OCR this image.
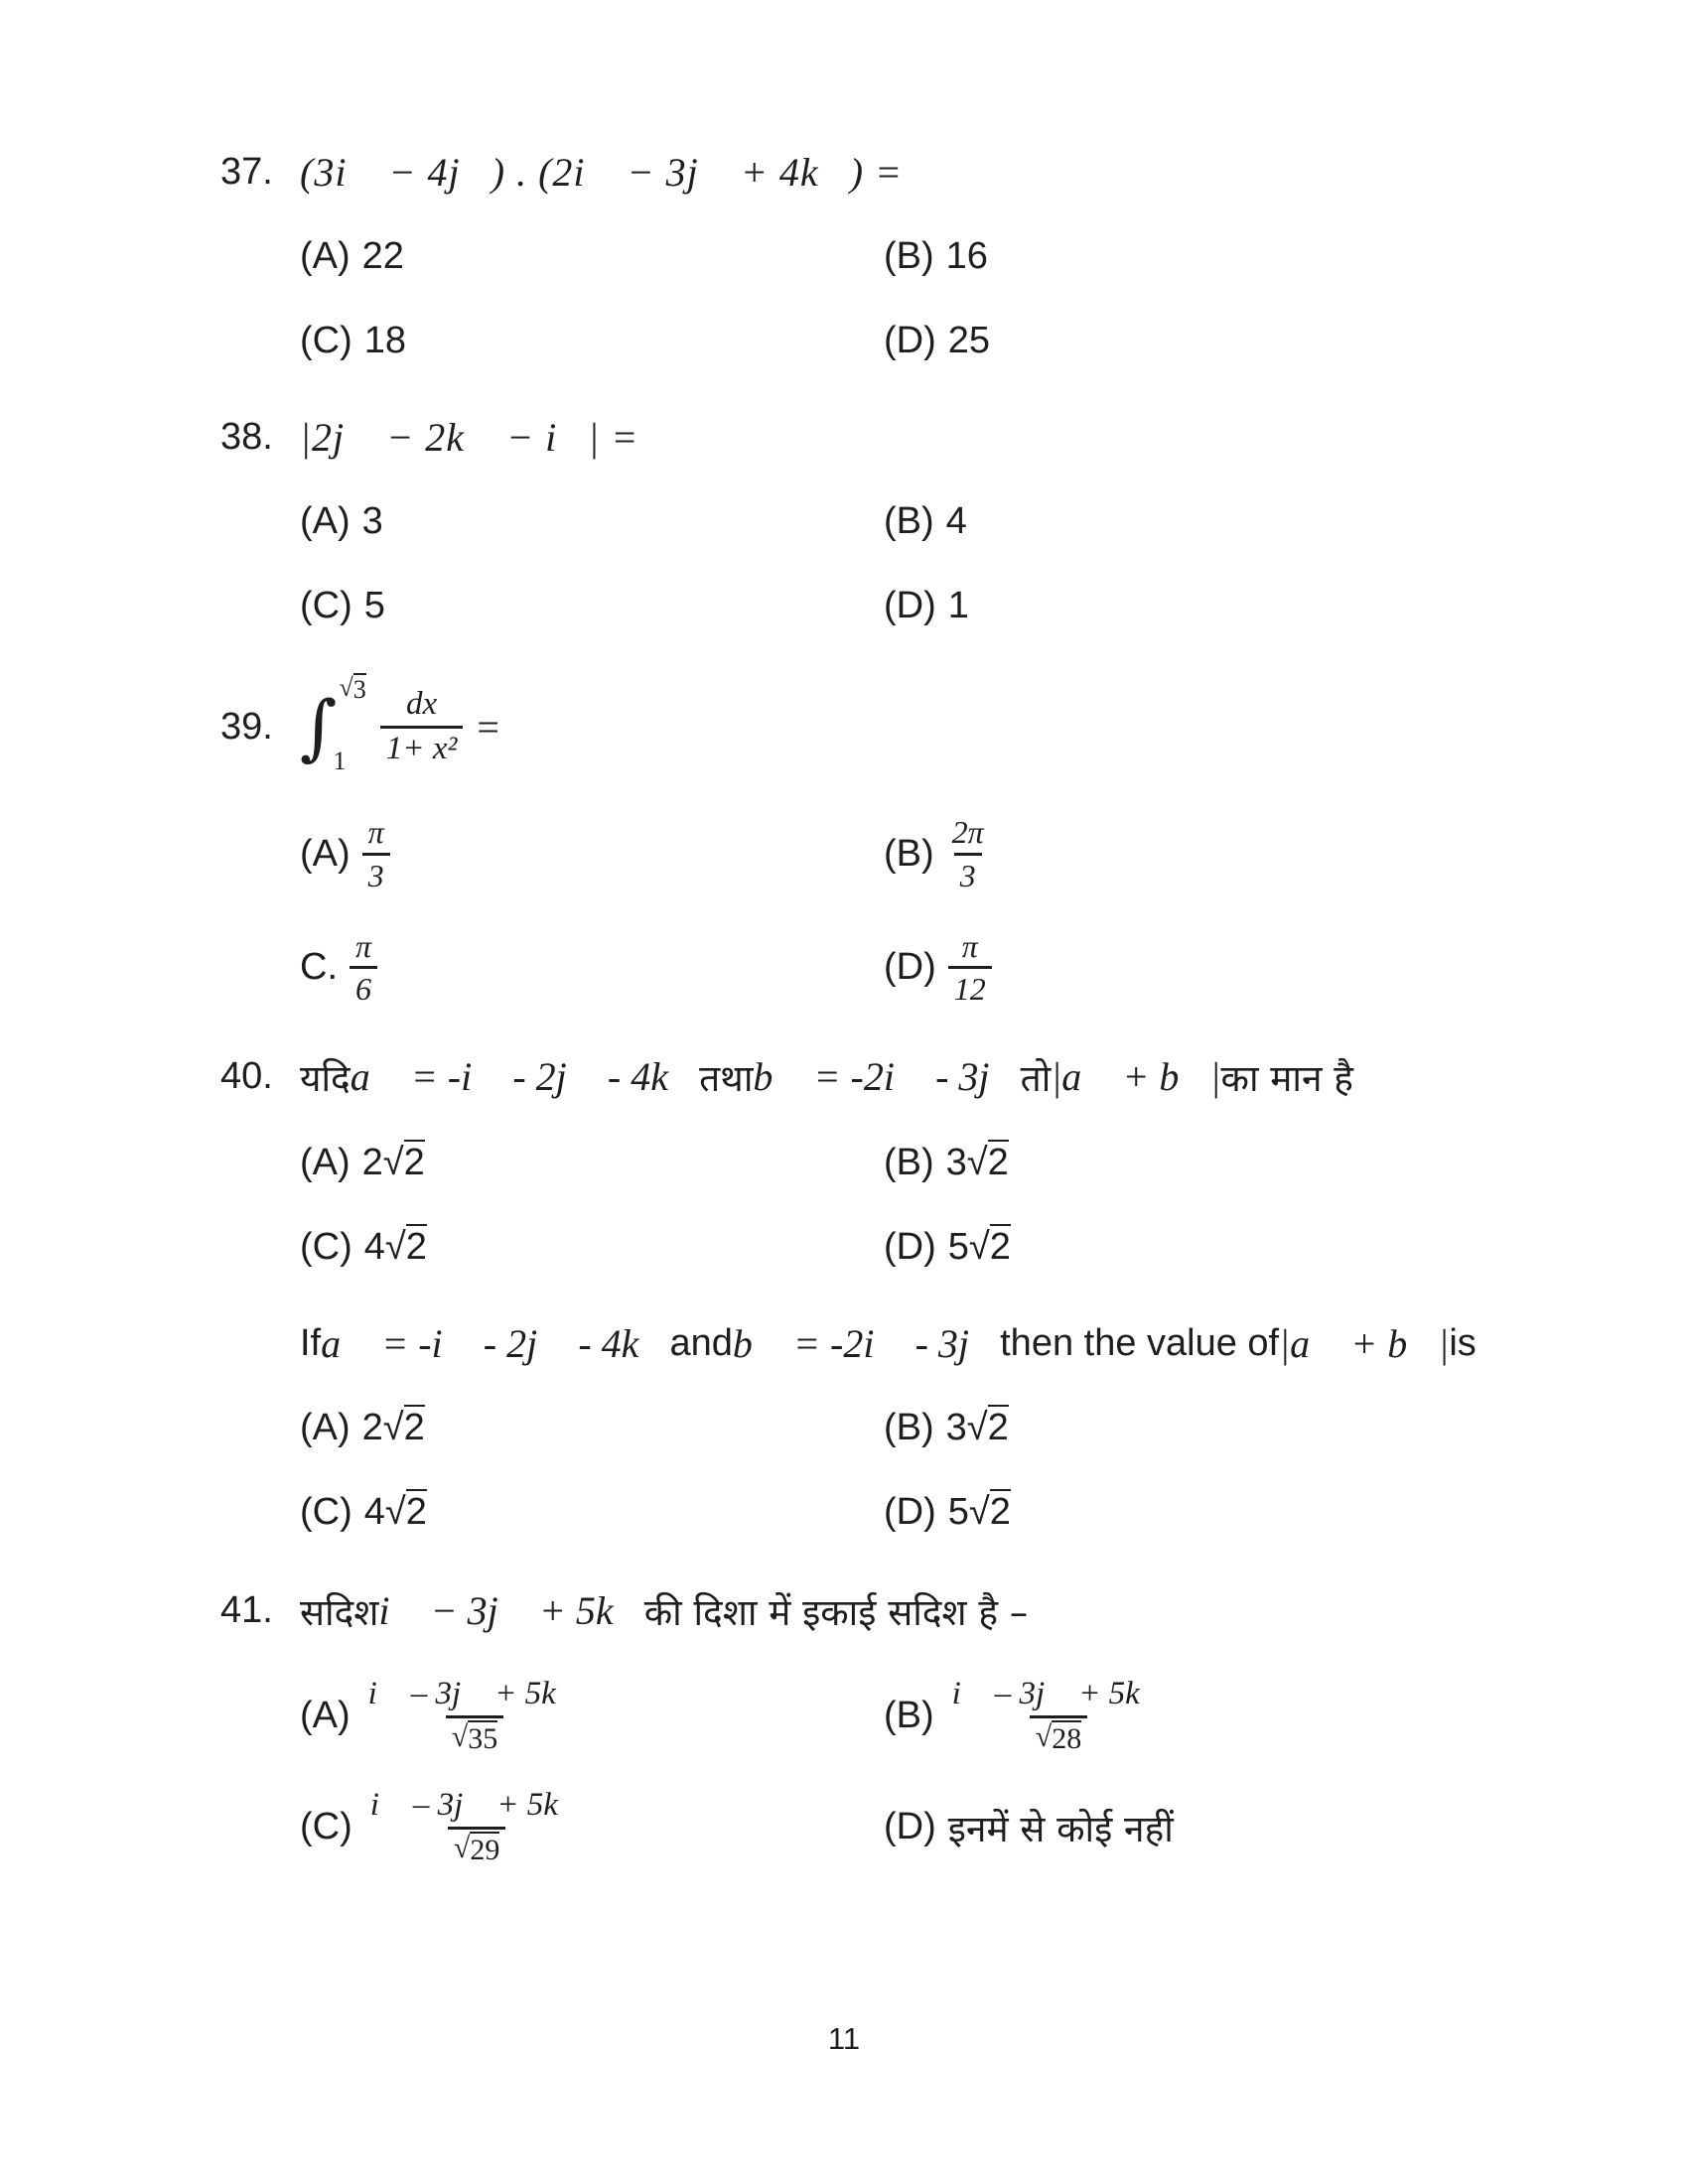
37. (3i⃗ − 4j⃗) . (2i⃗ − 3j⃗ + 4k⃗) =
(A) 22	(B) 16
(C) 18	(D) 25
38. |2j⃗ − 2k⃗ − i⃗| =
(A) 3	(B) 4
(C) 5	(D) 1
39. ∫ √ 3
1	$\frac{dx}{\text{1+ x²}}$ =
$(A) \frac{\pi}{3}$	$(B) \frac{2\pi}{3}$
C. $\frac{\pi}{6}$	$(D) \frac{\pi}{12}$
40. यदि a⃗ = -i⃗ - 2j⃗ - 4k⃗ तथा b⃗ = -2i⃗ - 3j⃗ तो |a⃗ + b⃗| का मान है
(A) 2√2	(B) 3√2
(C) 4√2	(D) 5√2
If a⃗ = -i⃗ - 2j⃗ - 4k⃗ and b⃗ = -2i⃗ - 3j⃗ then the value of |a⃗ + b⃗| is
(A) 2√2	(B) 3√2
(C) 4√2	(D) 5√2
41. सदिश i⃗ − 3j⃗ + 5k⃗ की दिशा में इकाई सदिश है –
$(A) \frac{i⃗ - 3j⃗ + 5k⃗}{√ 35}$	$(B) \frac{i⃗ - 3j⃗ + 5k⃗}{√ 28}$
$(C) \frac{i⃗ - 3j⃗ + 5k⃗}{√ 29}$	(D) इनमें से कोई नहीं
11
